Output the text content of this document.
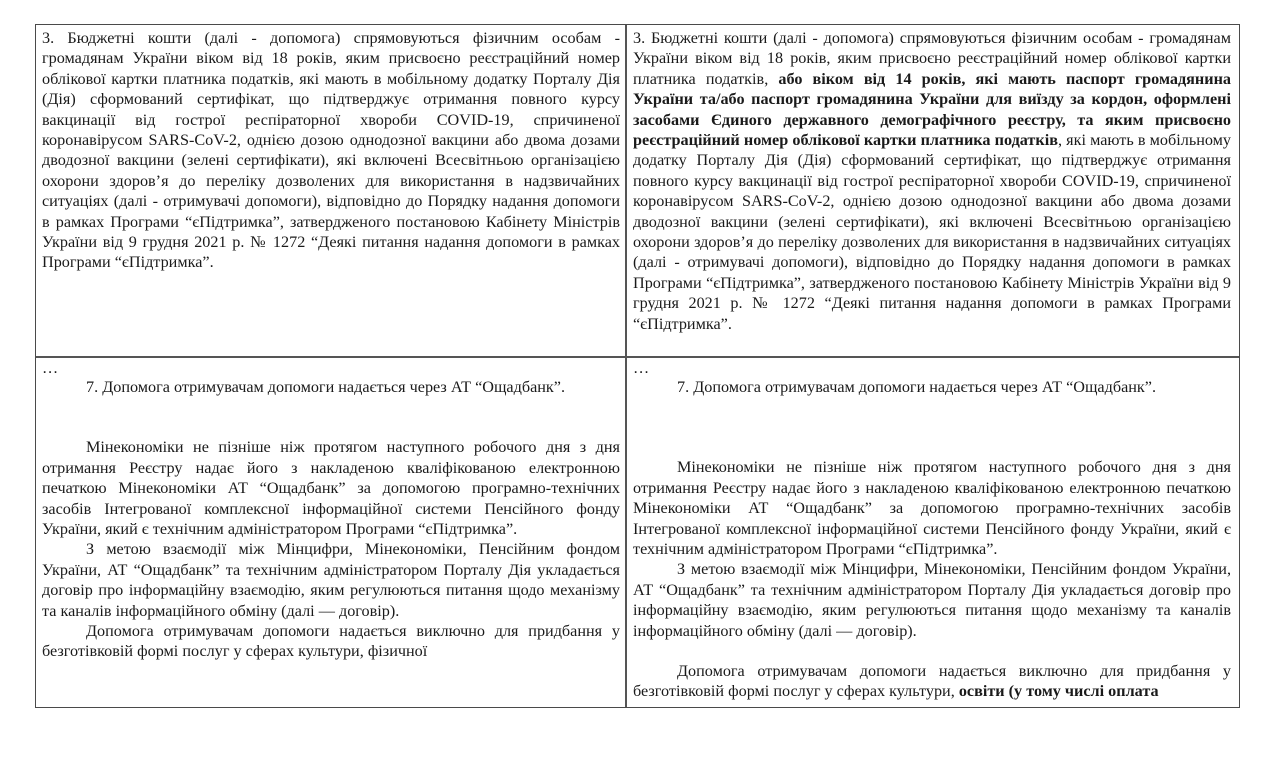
3. Бюджетні кошти (далі - допомога) спрямовуються фізичним особам - громадянам України віком від 18 років, яким присвоєно реєстраційний номер облікової картки платника податків, які мають в мобільному додатку Порталу Дія (Дія) сформований сертифікат, що підтверджує отримання повного курсу вакцинації від гострої респіраторної хвороби COVID-19, спричиненої коронавірусом SARS-CoV-2, однією дозою однодозної вакцини або двома дозами дводозної вакцини (зелені сертифікати), які включені Всесвітньою організацією охорони здоров’я до переліку дозволених для використання в надзвичайних ситуаціях (далі - отримувачі допомоги), відповідно до Порядку надання допомоги в рамках Програми “єПідтримка”, затвердженого постановою Кабінету Міністрів України від 9 грудня 2021 р. № 1272 “Деякі питання надання допомоги в рамках Програми “єПідтримка”.

3. Бюджетні кошти (далі - допомога) спрямовуються фізичним особам - громадянам України віком від 18 років, яким присвоєно реєстраційний номер облікової картки платника податків, або віком від 14 років, які мають паспорт громадянина України та/або паспорт громадянина України для виїзду за кордон, оформлені засобами Єдиного державного демографічного реєстру, та яким присвоєно реєстраційний номер облікової картки платника податків, які мають в мобільному додатку Порталу Дія (Дія) сформований сертифікат, що підтверджує отримання повного курсу вакцинації від гострої респіраторної хвороби COVID-19, спричиненої коронавірусом SARS-CoV-2, однією дозою однодозної вакцини або двома дозами дводозної вакцини (зелені сертифікати), які включені Всесвітньою організацією охорони здоров’я до переліку дозволених для використання в надзвичайних ситуаціях (далі - отримувачі допомоги), відповідно до Порядку надання допомоги в рамках Програми “єПідтримка”, затвердженого постановою Кабінету Міністрів України від 9 грудня 2021 р. № 1272 “Деякі питання надання допомоги в рамках Програми “єПідтримка”.

…

7. Допомога отримувачам допомоги надається через АТ “Ощадбанк”.

Мінекономіки не пізніше ніж протягом наступного робочого дня з дня отримання Реєстру надає його з накладеною кваліфікованою електронною печаткою Мінекономіки АТ “Ощадбанк” за допомогою програмно-технічних засобів Інтегрованої комплексної інформаційної системи Пенсійного фонду України, який є технічним адміністратором Програми “єПідтримка”.

З метою взаємодії між Мінцифри, Мінекономіки, Пенсійним фондом України, АТ “Ощадбанк” та технічним адміністратором Порталу Дія укладається договір про інформаційну взаємодію, яким регулюються питання щодо механізму та каналів інформаційного обміну (далі — договір).

Допомога отримувачам допомоги надається виключно для придбання у безготівковій формі послуг у сферах культури, фізичної

…

7. Допомога отримувачам допомоги надається через АТ “Ощадбанк”.

Мінекономіки не пізніше ніж протягом наступного робочого дня з дня отримання Реєстру надає його з накладеною кваліфікованою електронною печаткою Мінекономіки АТ “Ощадбанк” за допомогою програмно-технічних засобів Інтегрованої комплексної інформаційної системи Пенсійного фонду України, який є технічним адміністратором Програми “єПідтримка”.

З метою взаємодії між Мінцифри, Мінекономіки, Пенсійним фондом України, АТ “Ощадбанк” та технічним адміністратором Порталу Дія укладається договір про інформаційну взаємодію, яким регулюються питання щодо механізму та каналів інформаційного обміну (далі — договір).

Допомога отримувачам допомоги надається виключно для придбання у безготівковій формі послуг у сферах культури, освіти (у тому числі оплата
